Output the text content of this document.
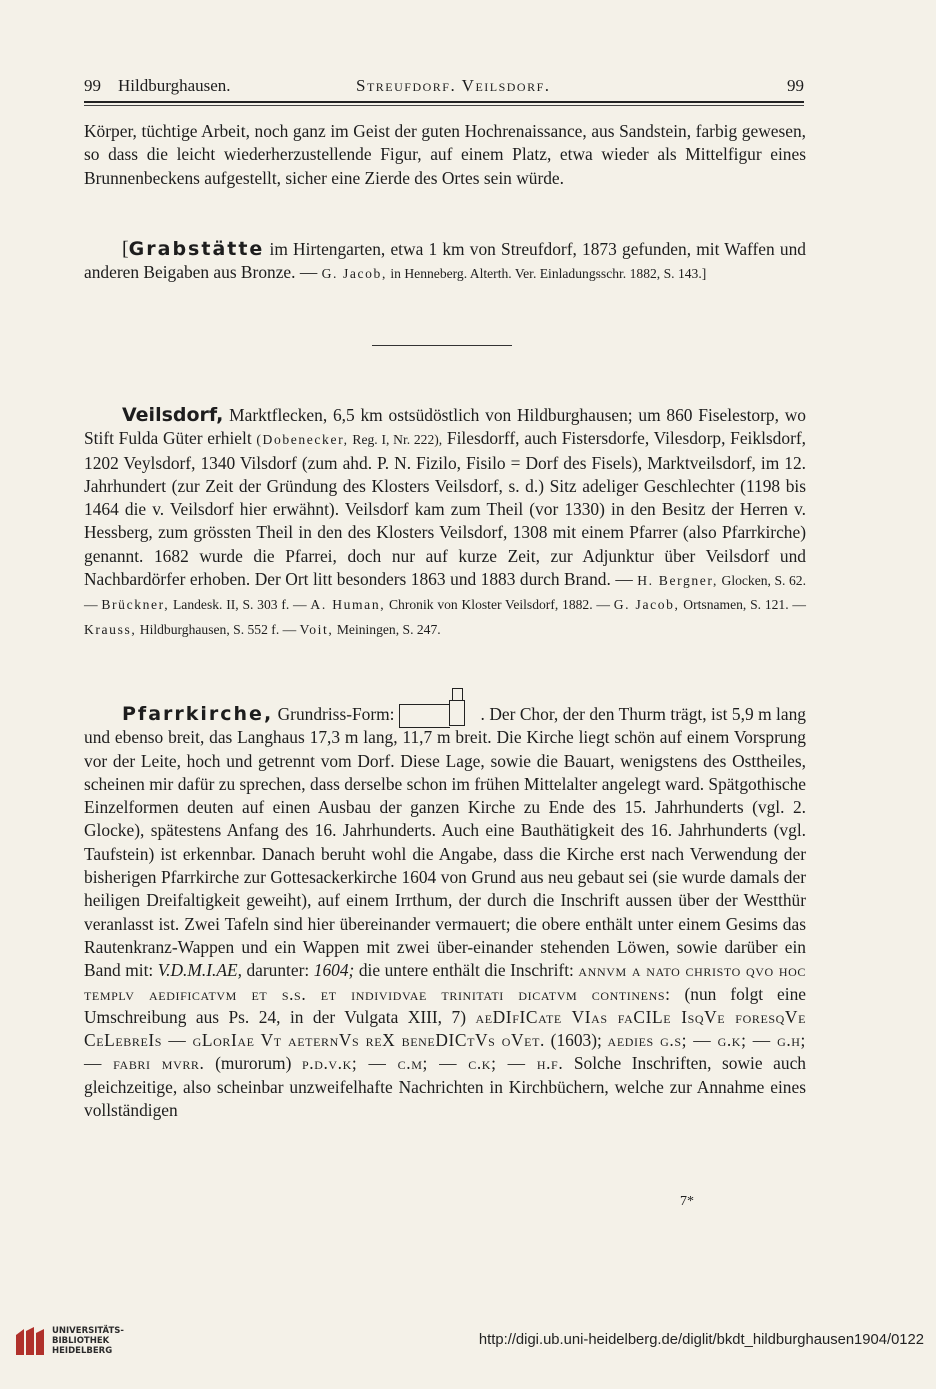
99	Hildburghausen.	Streufdorf. Veilsdorf.	99

Körper, tüchtige Arbeit, noch ganz im Geist der guten Hochrenaissance, aus Sandstein, farbig gewesen, so dass die leicht wiederherzustellende Figur, auf einem Platz, etwa wieder als Mittelfigur eines Brunnenbeckens aufgestellt, sicher eine Zierde des Ortes sein würde.

[Grabstätte im Hirtengarten, etwa 1 km von Streufdorf, 1873 gefunden, mit Waffen und anderen Beigaben aus Bronze. — G. Jacob, in Henneberg. Alterth. Ver. Einladungsschr. 1882, S. 143.]

Veilsdorf, Marktflecken, 6,5 km ostsüdöstlich von Hildburghausen; um 860 Fiselestorp, wo Stift Fulda Güter erhielt (Dobenecker, Reg. I, Nr. 222), Filesdorff, auch Fistersdorfe, Vilesdorp, Feiklsdorf, 1202 Veylsdorf, 1340 Vilsdorf (zum ahd. P. N. Fizilo, Fisilo = Dorf des Fisels), Marktveilsdorf, im 12. Jahrhundert (zur Zeit der Gründung des Klosters Veilsdorf, s. d.) Sitz adeliger Geschlechter (1198 bis 1464 die v. Veilsdorf hier erwähnt). Veilsdorf kam zum Theil (vor 1330) in den Besitz der Herren v. Hessberg, zum grössten Theil in den des Klosters Veilsdorf, 1308 mit einem Pfarrer (also Pfarrkirche) genannt. 1682 wurde die Pfarrei, doch nur auf kurze Zeit, zur Adjunktur über Veilsdorf und Nachbardörfer erhoben. Der Ort litt besonders 1863 und 1883 durch Brand. — H. Bergner, Glocken, S. 62. — Brückner, Landesk. II, S. 303 f. — A. Human, Chronik von Kloster Veilsdorf, 1882. — G. Jacob, Ortsnamen, S. 121. — Krauss, Hildburghausen, S. 552 f. — Voit, Meiningen, S. 247.

Pfarrkirche, Grundriss-Form:	. Der Chor, der den Thurm trägt, ist 5,9 m lang und ebenso breit, das Langhaus 17,3 m lang, 11,7 m breit. Die Kirche liegt schön auf einem Vorsprung vor der Leite, hoch und getrennt vom Dorf. Diese Lage, sowie die Bauart, wenigstens des Osttheiles, scheinen mir dafür zu sprechen, dass derselbe schon im frühen Mittelalter angelegt ward. Spätgothische Einzelformen deuten auf einen Ausbau der ganzen Kirche zu Ende des 15. Jahrhunderts (vgl. 2. Glocke), spätestens Anfang des 16. Jahrhunderts. Auch eine Bauthätigkeit des 16. Jahrhunderts (vgl. Taufstein) ist erkennbar. Danach beruht wohl die Angabe, dass die Kirche erst nach Verwendung der bisherigen Pfarrkirche zur Gottesackerkirche 1604 von Grund aus neu gebaut sei (sie wurde damals der heiligen Dreifaltigkeit geweiht), auf einem Irrthum, der durch die Inschrift aussen über der Westthür veranlasst ist. Zwei Tafeln sind hier übereinander vermauert; die obere enthält unter einem Gesims das Rautenkranz-Wappen und ein Wappen mit zwei über-einander stehenden Löwen, sowie darüber ein Band mit: V.D.M.I.AE, darunter: 1604; die untere enthält die Inschrift: annvm a nato christo qvo hoc templv aedificatvm et s.s. et individvae trinitati dicatvm continens: (nun folgt eine Umschreibung aus Ps. 24, in der Vulgata XIII, 7) aeDIfICate VIas faCILe IsqVe foresqVe CeLebreIs — gLorIae Vt aeternVs reX beneDICtVs oVet. (1603); aedies g.s; — g.k; — g.h; — fabri mvrr. (murorum) p.d.v.k; — c.m; — c.k; — h.f. Solche Inschriften, sowie auch gleichzeitige, also scheinbar unzweifelhafte Nachrichten in Kirchbüchern, welche zur Annahme eines vollständigen

7*
UNIVERSITÄTS-
BIBLIOTHEK
HEIDELBERG
http://digi.ub.uni-heidelberg.de/diglit/bkdt_hildburghausen1904/0122
